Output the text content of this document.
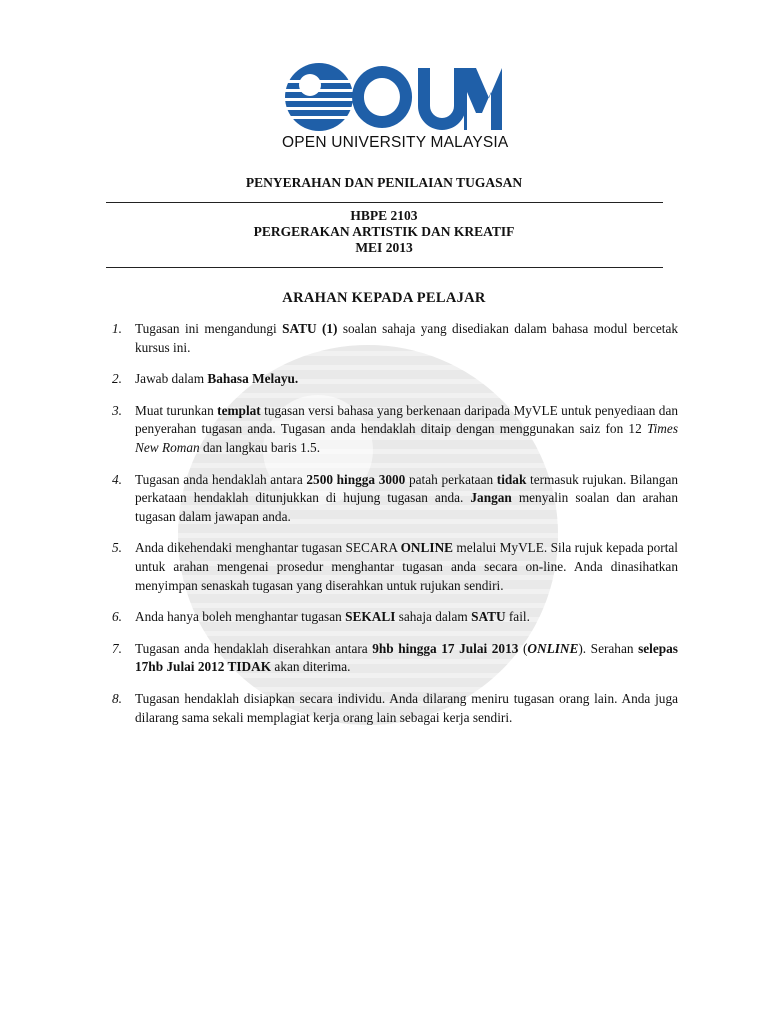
OPEN UNIVERSITY MALAYSIA
PENYERAHAN DAN PENILAIAN TUGASAN
HBPE 2103
PERGERAKAN ARTISTIK DAN KREATIF
MEI 2013
ARAHAN KEPADA PELAJAR
1. Tugasan ini mengandungi SATU (1) soalan sahaja yang disediakan dalam bahasa modul bercetak kursus ini.
2. Jawab dalam Bahasa Melayu.
3. Muat turunkan templat tugasan versi bahasa yang berkenaan daripada MyVLE untuk penyediaan dan penyerahan tugasan anda. Tugasan anda hendaklah ditaip dengan menggunakan saiz fon 12 Times New Roman dan langkau baris 1.5.
4. Tugasan anda hendaklah antara 2500 hingga 3000 patah perkataan tidak termasuk rujukan. Bilangan perkataan hendaklah ditunjukkan di hujung tugasan anda. Jangan menyalin soalan dan arahan tugasan dalam jawapan anda.
5. Anda dikehendaki menghantar tugasan SECARA ONLINE melalui MyVLE. Sila rujuk kepada portal untuk arahan mengenai prosedur menghantar tugasan anda secara on-line. Anda dinasihatkan menyimpan senaskah tugasan yang diserahkan untuk rujukan sendiri.
6. Anda hanya boleh menghantar tugasan SEKALI sahaja dalam SATU fail.
7. Tugasan anda hendaklah diserahkan antara 9hb hingga 17 Julai 2013 (ONLINE). Serahan selepas 17hb Julai 2012 TIDAK akan diterima.
8. Tugasan hendaklah disiapkan secara individu. Anda dilarang meniru tugasan orang lain. Anda juga dilarang sama sekali memplagiat kerja orang lain sebagai kerja sendiri.
